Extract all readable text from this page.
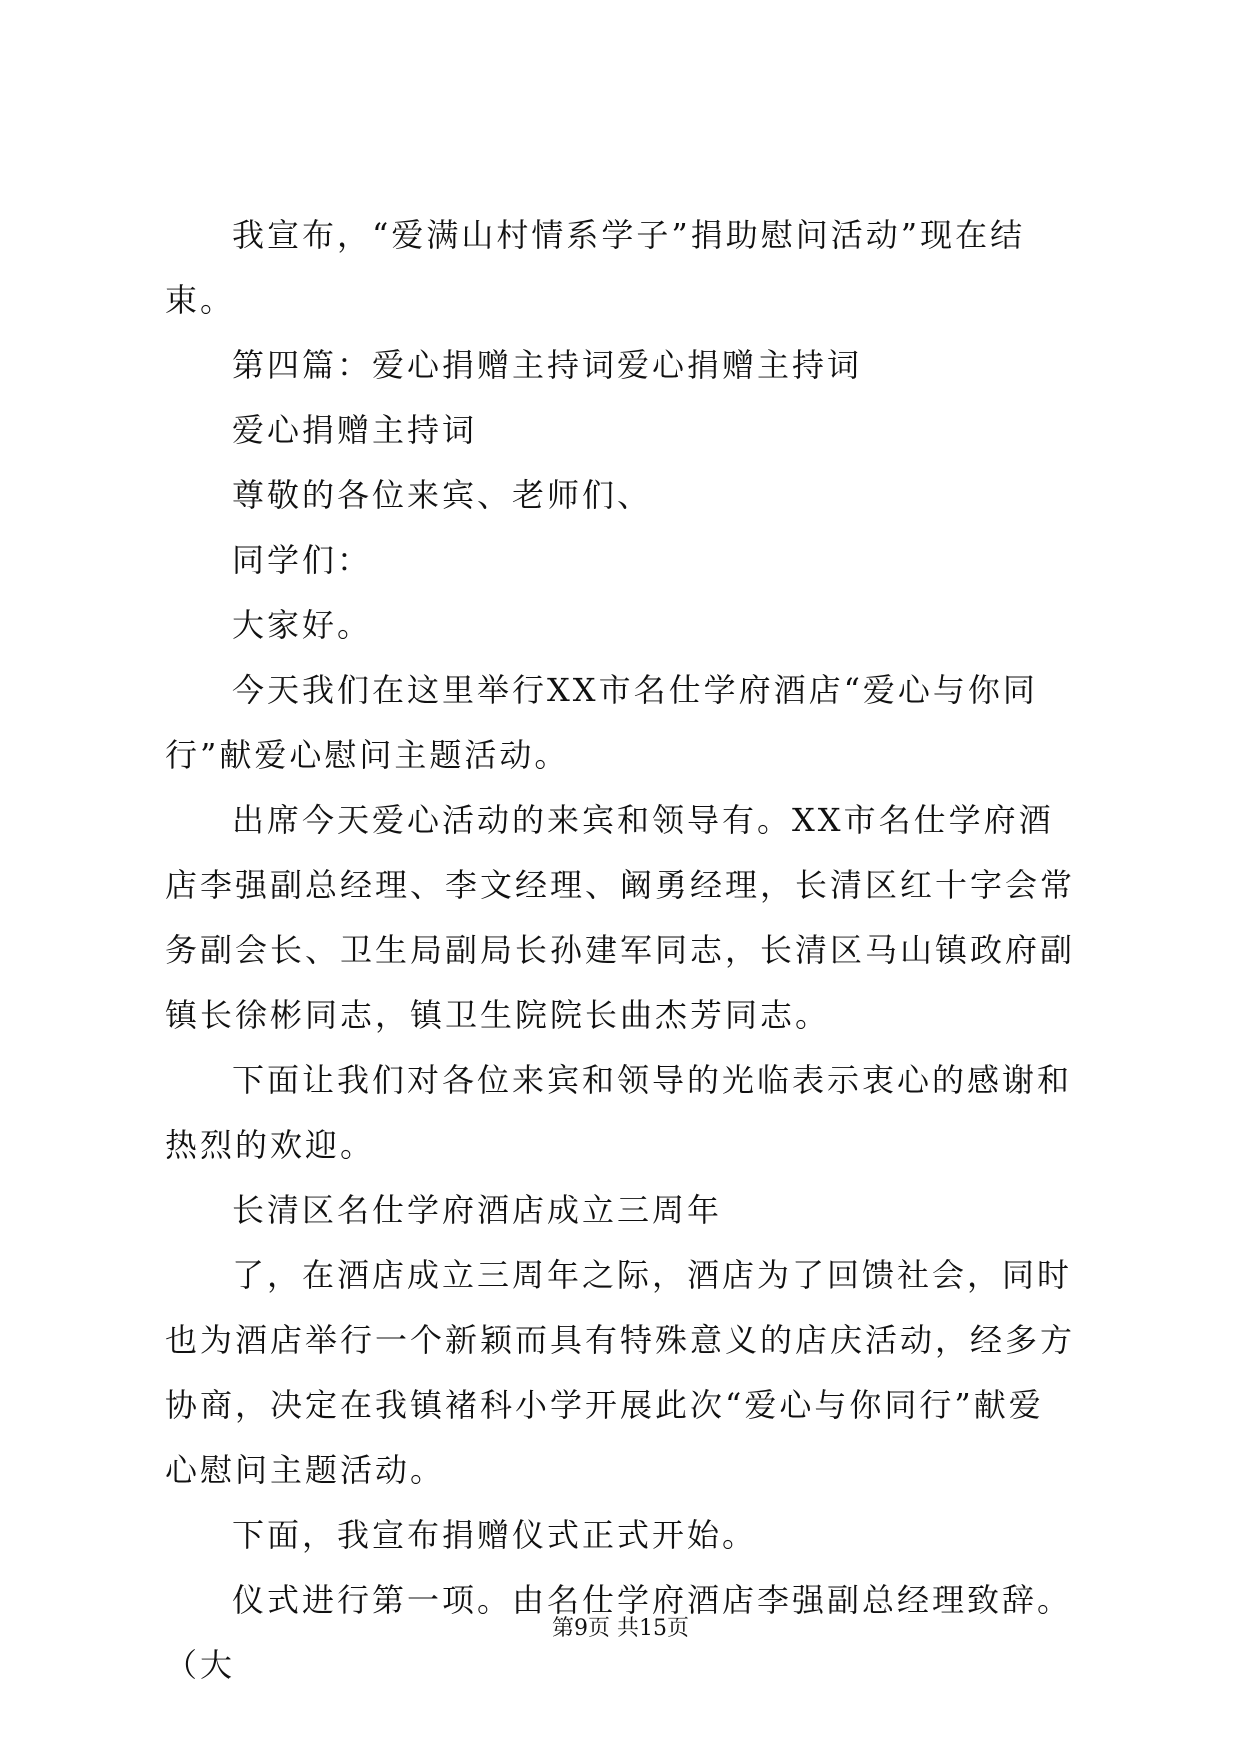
我宣布，“爱满山村情系学子”捐助慰问活动”现在结束。

第四篇：爱心捐赠主持词爱心捐赠主持词

爱心捐赠主持词

尊敬的各位来宾、老师们、

同学们：

大家好。

今天我们在这里举行XX市名仕学府酒店“爱心与你同行”献爱心慰问主题活动。

出席今天爱心活动的来宾和领导有。XX市名仕学府酒店李强副总经理、李文经理、阚勇经理，长清区红十字会常务副会长、卫生局副局长孙建军同志，长清区马山镇政府副镇长徐彬同志，镇卫生院院长曲杰芳同志。

下面让我们对各位来宾和领导的光临表示衷心的感谢和热烈的欢迎。

长清区名仕学府酒店成立三周年

了，在酒店成立三周年之际，酒店为了回馈社会，同时也为酒店举行一个新颖而具有特殊意义的店庆活动，经多方协商，决定在我镇褚科小学开展此次“爱心与你同行”献爱心慰问主题活动。

下面，我宣布捐赠仪式正式开始。

仪式进行第一项。由名仕学府酒店李强副总经理致辞。（大

第9页 共15页
